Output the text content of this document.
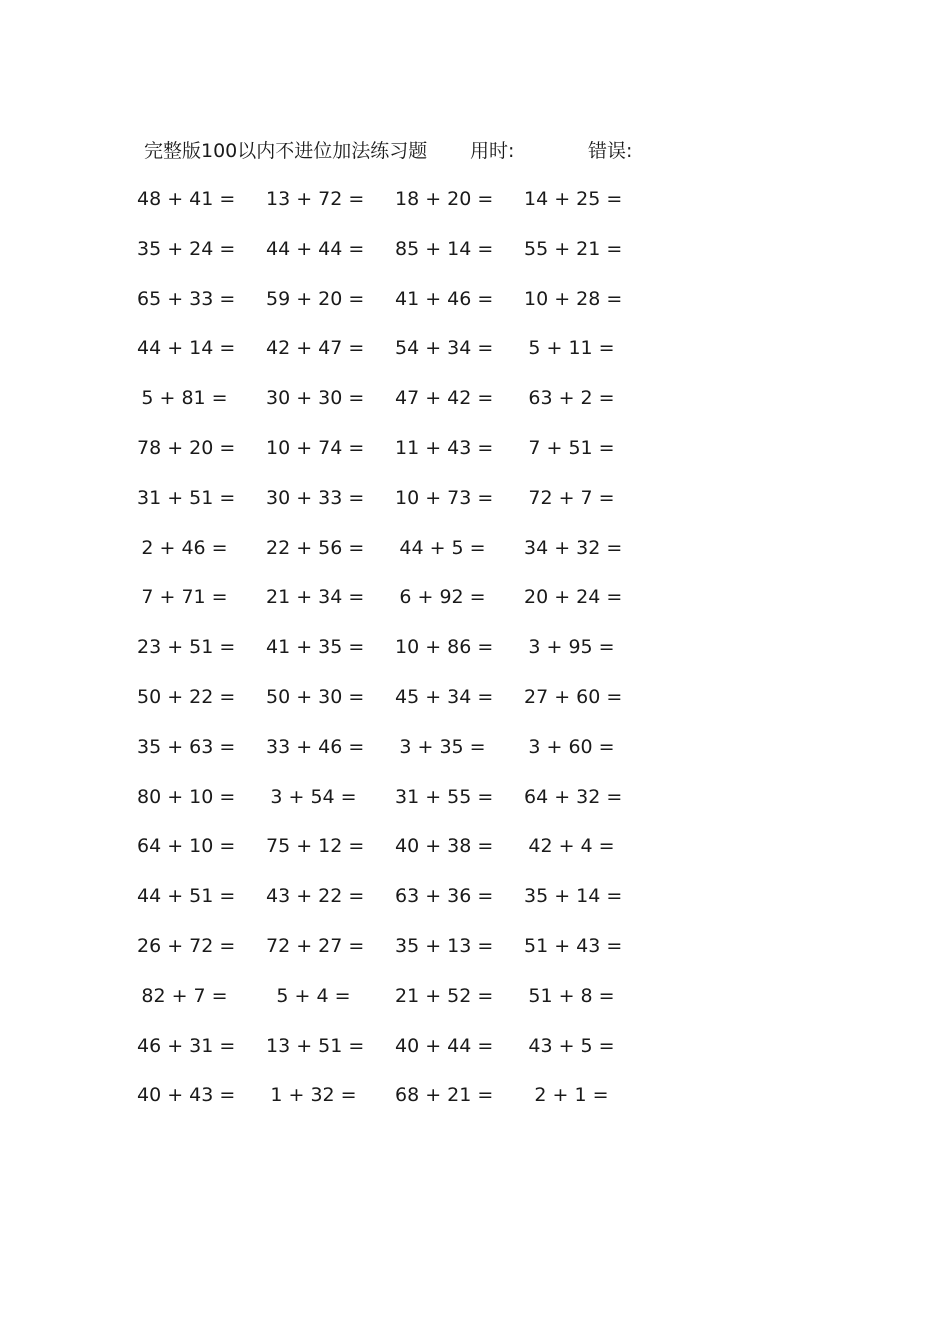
完整版100以内不进位加法练习题 用时:	错误:
48 + 41 = 13 + 72 = 18 + 20 = 14 + 25 =
35 + 24 = 44 + 44 = 85 + 14 = 55 + 21 =
65 + 33 = 59 + 20 = 41 + 46 = 10 + 28 =
44 + 14 = 42 + 47 = 54 + 34 = 5 + 11 =
5 + 81 = 30 + 30 = 47 + 42 = 63 + 2 =
78 + 20 = 10 + 74 = 11 + 43 = 7 + 51 =
31 + 51 = 30 + 33 = 10 + 73 = 72 + 7 =
2 + 46 = 22 + 56 = 44 + 5 = 34 + 32 =
7 + 71 = 21 + 34 = 6 + 92 = 20 + 24 =
23 + 51 = 41 + 35 = 10 + 86 = 3 + 95 =
50 + 22 = 50 + 30 = 45 + 34 = 27 + 60 =
35 + 63 = 33 + 46 = 3 + 35 = 3 + 60 =
80 + 10 = 3 + 54 = 31 + 55 = 64 + 32 =
64 + 10 = 75 + 12 = 40 + 38 = 42 + 4 =
44 + 51 = 43 + 22 = 63 + 36 = 35 + 14 =
26 + 72 = 72 + 27 = 35 + 13 = 51 + 43 =
82 + 7 =	5 + 4 =	21 + 52 = 51 + 8 =
46 + 31 = 13 + 51 = 40 + 44 = 43 + 5 =
40 + 43 = 1 + 32 = 68 + 21 =	2 + 1 =
